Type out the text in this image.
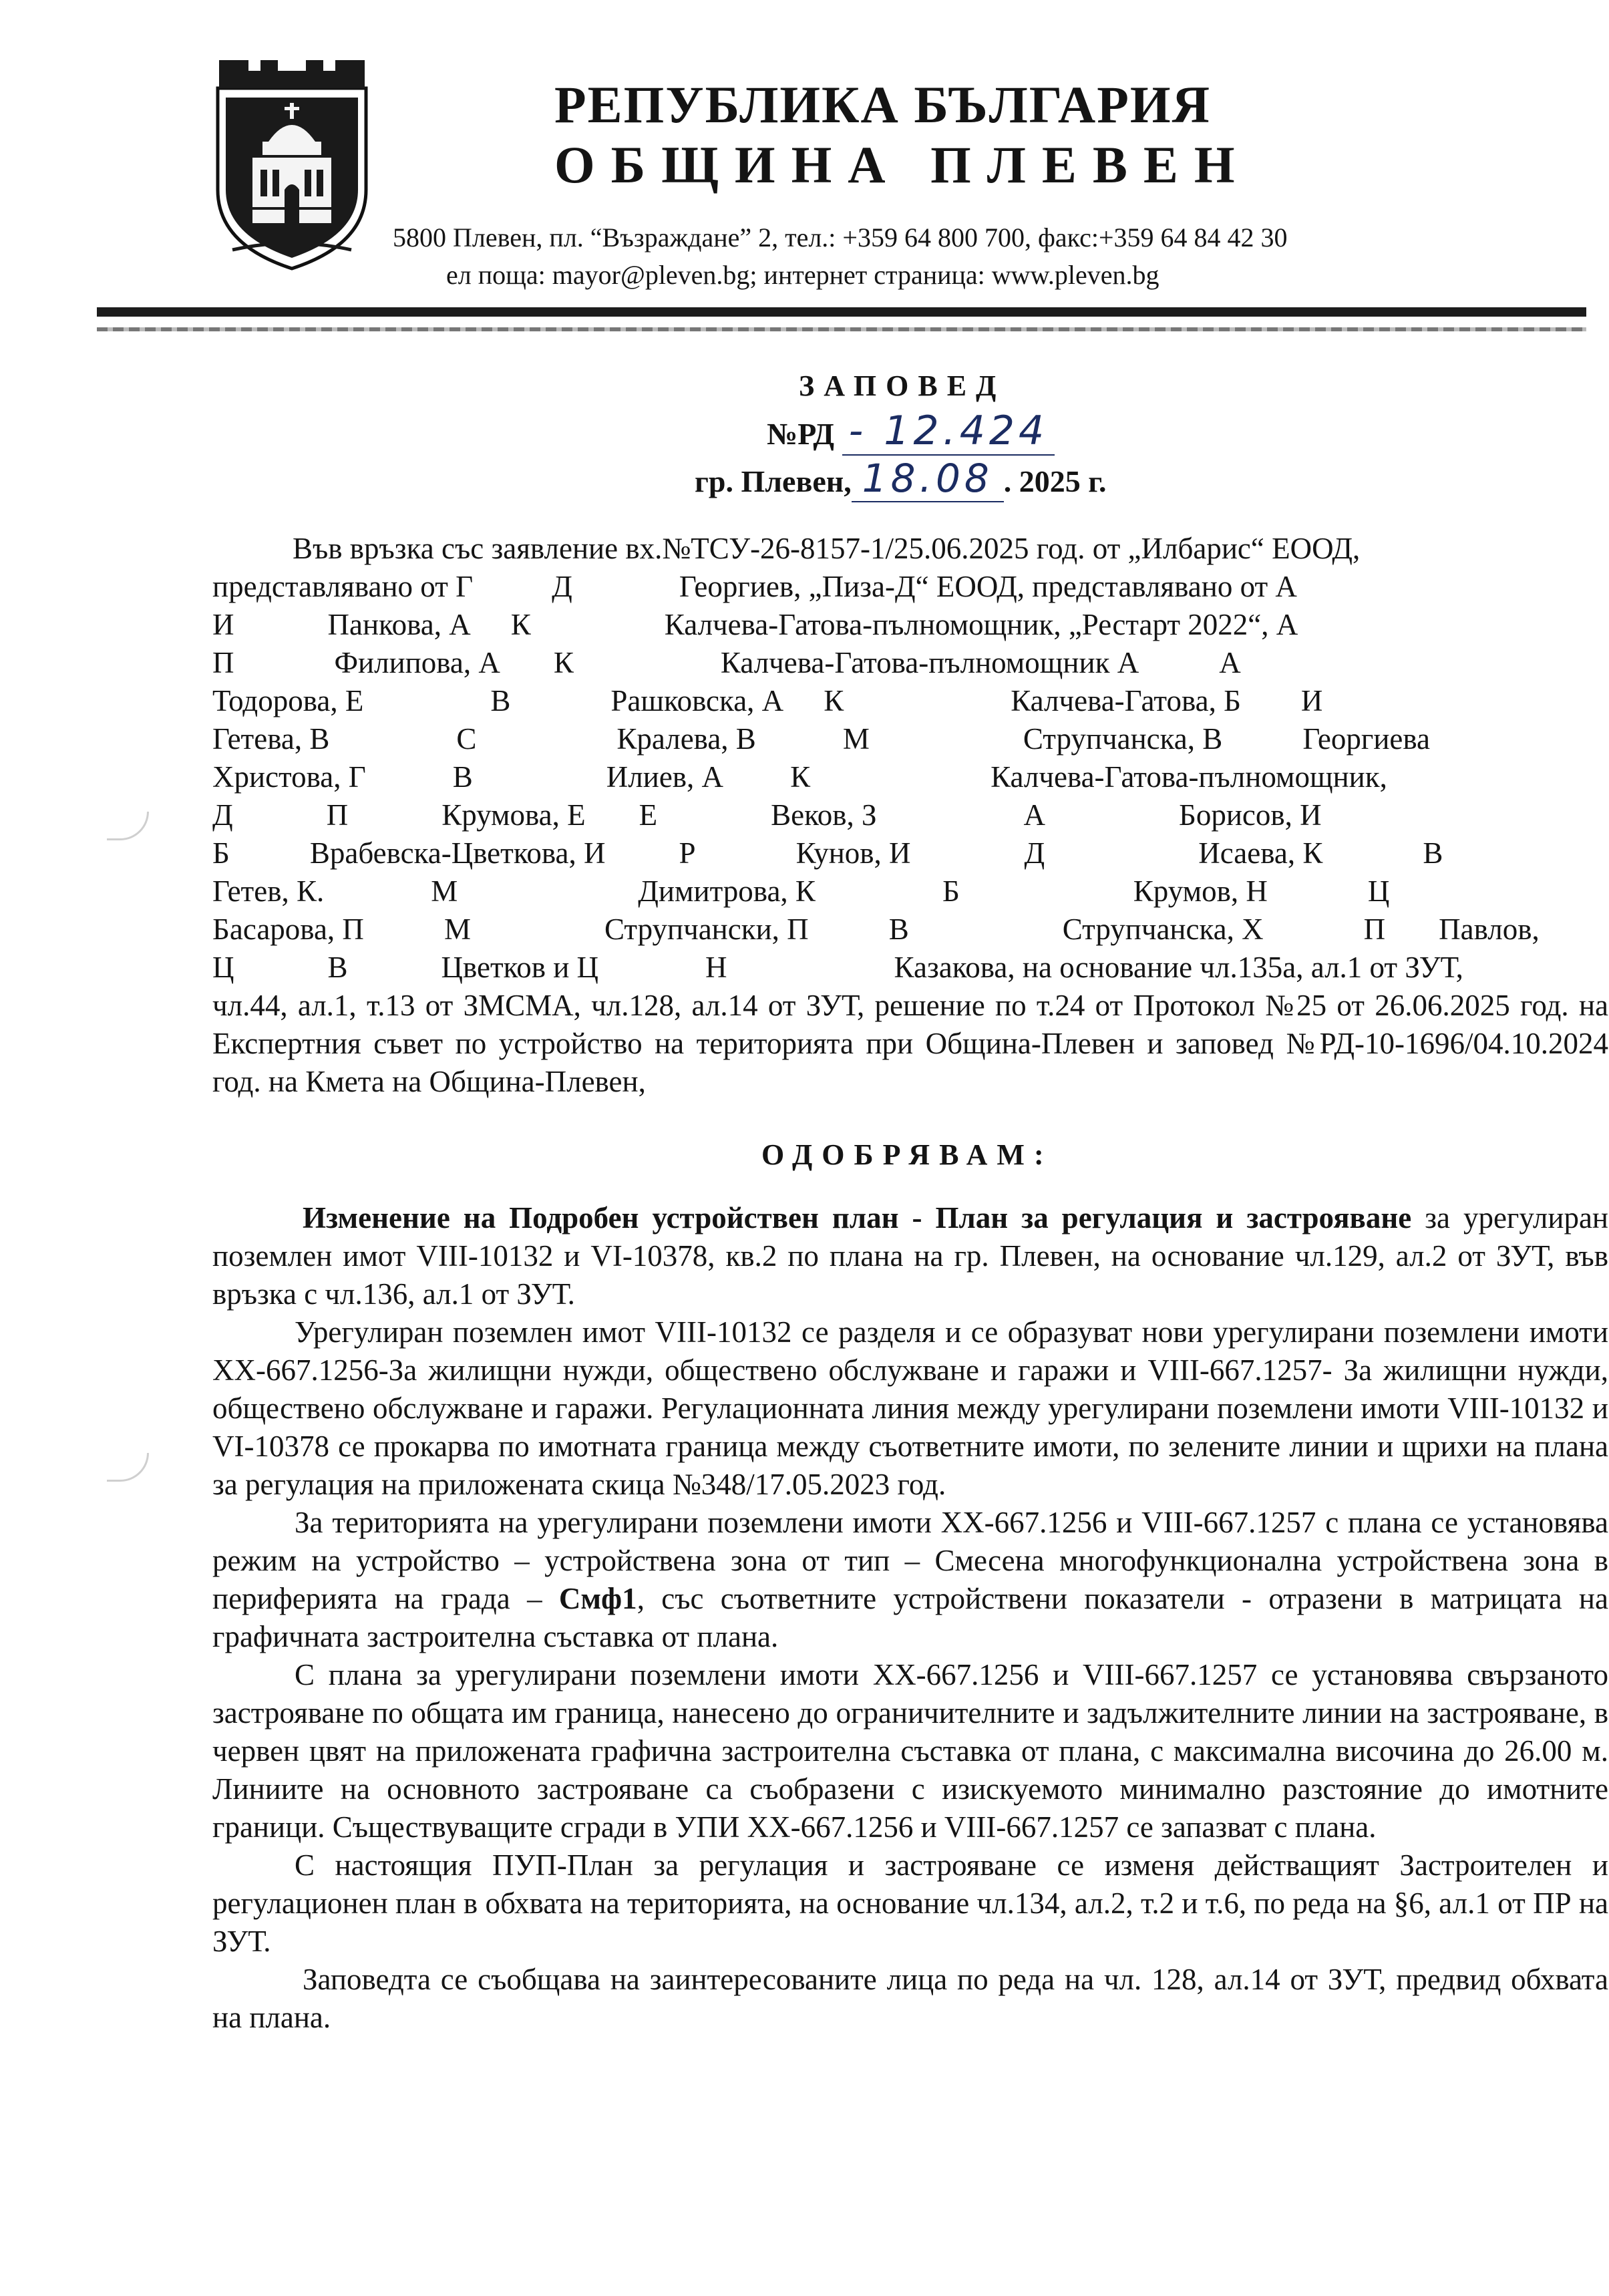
РЕПУБЛИКА БЪЛГАРИЯ
ОБЩИНА ПЛЕВЕН
5800 Плевен, пл. “Възраждане” 2, тел.: +359 64 800 700, факс:+359 64 84 42 30
ел поща: mayor@pleven.bg; интернет страница: www.pleven.bg
ЗАПОВЕД
№РД - 12.424
гр. Плевен, 18.08 . 2025 г.
Във връзка със заявление вх.№ТСУ-26-8157-1/25.06.2025 год. от „Илбарис“ ЕООД,
представлявано от Г	Д	Георгиев, „Пиза-Д“ ЕООД, представлявано от А
И	Панкова, А К	Калчева-Гатова-пълномощник, „Рестарт 2022“, А
П	Филипова, А К	Калчева-Гатова-пълномощник А	А
Тодорова, Е	В	Рашковска, А К	Калчева-Гатова, Б И
Гетева, В	С	Кралева, В	М	Струпчанска, В	Георгиева
Христова, Г	В	Илиев, А К	Калчева-Гатова-пълномощник,
Д	П	Крумова, Е Е	Веков, З	А	Борисов, И
Б	Врабевска-Цветкова, И Р	Кунов, И	Д	Исаева, К	В
Гетев, К.	М	Димитрова, К	Б	Крумов, Н	Ц
Басарова, П	М	Струпчански, П	В	Струпчанска, Х	П Павлов,
Ц	В	Цветков и Ц	Н	Казакова, на основание чл.135а, ал.1 от ЗУТ,

чл.44, ал.1, т.13 от ЗМСМА, чл.128, ал.14 от ЗУТ, решение по т.24 от Протокол №25 от 26.06.2025 год. на Експертния съвет по устройство на територията при Община-Плевен и заповед №РД-10-1696/04.10.2024 год. на Кмета на Община-Плевен,

ОДОБРЯВАМ:

Изменение на Подробен устройствен план - План за регулация и застрояване за урегулиран поземлен имот VIII-10132 и VI-10378, кв.2 по плана на гр. Плевен, на основание чл.129, ал.2 от ЗУТ, във връзка с чл.136, ал.1 от ЗУТ.

Урегулиран поземлен имот VIII-10132 се разделя и се образуват нови урегулирани поземлени имоти ХХ-667.1256-За жилищни нужди, обществено обслужване и гаражи и VIII-667.1257- За жилищни нужди, обществено обслужване и гаражи. Регулационната линия между урегулирани поземлени имоти VIII-10132 и VI-10378 се прокарва по имотната граница между съответните имоти, по зелените линии и щрихи на плана за регулация на приложената скица №348/17.05.2023 год.

За територията на урегулирани поземлени имоти ХХ-667.1256 и VIII-667.1257 с плана се установява режим на устройство – устройствена зона от тип – Смесена многофункционална устройствена зона в периферията на града – Смф1, със съответните устройствени показатели - отразени в матрицата на графичната застроителна съставка от плана.

С плана за урегулирани поземлени имоти ХХ-667.1256 и VIII-667.1257 се установява свързаното застрояване по общата им граница, нанесено до ограничителните и задължителните линии на застрояване, в червен цвят на приложената графична застроителна съставка от плана, с максимална височина до 26.00 м. Линиите на основното застрояване са съобразени с изискуемото минимално разстояние до имотните граници. Съществуващите сгради в УПИ ХХ-667.1256 и VIII-667.1257 се запазват с плана.

С настоящия ПУП-План за регулация и застрояване се изменя действащият Застроителен и регулационен план в обхвата на територията, на основание чл.134, ал.2, т.2 и т.6, по реда на §6, ал.1 от ПР на ЗУТ.

Заповедта се съобщава на заинтересованите лица по реда на чл. 128, ал.14 от ЗУТ, предвид обхвата на плана.
